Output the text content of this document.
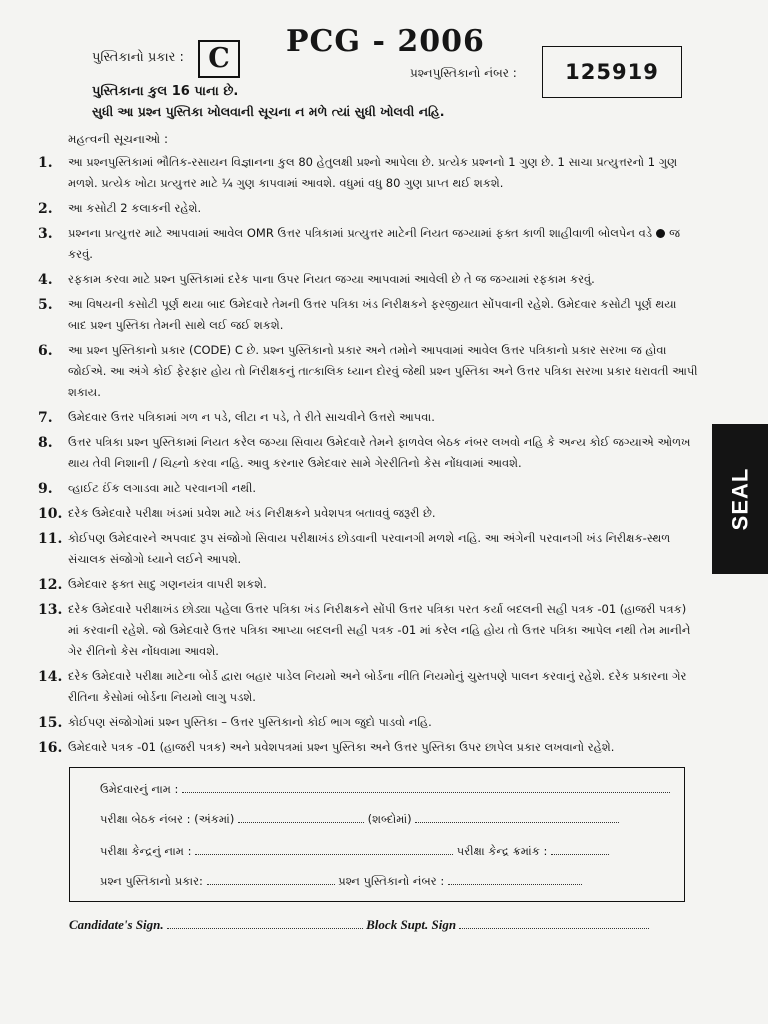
પુસ્તિકાનો પ્રકાર : C	PCG - 2006
પ્રશ્નપુસ્તિકાનો નંબર :	125919
પુસ્તિકાના કુલ 16 પાના છે.
સુધી આ પ્રશ્ન પુસ્તિકા ખોલવાની સૂચના ન મળે ત્યાં સુધી ખોલવી નહિ.
મહત્વની સૂચનાઓ :
1. આ પ્રશ્નપુસ્તિકામાં ભૌતિક-રસાયન વિજ્ઞાનના કુલ 80 હેતુલક્ષી પ્રશ્નો આપેલા છે. પ્રત્યેક પ્રશ્નનો 1 ગુણ છે. 1 સાચા પ્રત્યુત્તરનો 1 ગુણ મળશે. પ્રત્યેક ખોટા પ્રત્યુત્તર માટે ¼ ગુણ કાપવામાં આવશે. વધુમાં વધુ 80 ગુણ પ્રાપ્ત થઈ શકશે.
2. આ કસોટી 2 કલાકની રહેશે.
3. પ્રશ્નના પ્રત્યુત્તર માટે આપવામાં આવેલ OMR ઉત્તર પત્રિકામાં પ્રત્યુત્તર માટેની નિયત જગ્યામાં ફક્ત કાળી શાહીવાળી બોલપેન વડે જ કરવું.
4. રફકામ કરવા માટે પ્રશ્ન પુસ્તિકામાં દરેક પાના ઉપર નિયત જગ્યા આપવામાં આવેલી છે તે જ જગ્યામાં રફકામ કરવું.
5. આ વિષયની કસોટી પૂર્ણ થયા બાદ ઉમેદવારે તેમની ઉત્તર પત્રિકા ખંડ નિરીક્ષકને ફરજીયાત સોંપવાની રહેશે. ઉમેદવાર કસોટી પૂર્ણ થયા બાદ પ્રશ્ન પુસ્તિકા તેમની સાથે લઈ જઈ શકશે.
6. આ પ્રશ્ન પુસ્તિકાનો પ્રકાર (CODE) C છે. પ્રશ્ન પુસ્તિકાનો પ્રકાર અને તમોને આપવામાં આવેલ ઉત્તર પત્રિકાનો પ્રકાર સરખા જ હોવા જોઈએ. આ અંગે કોઈ ફેરફાર હોય તો નિરીક્ષકનું તાત્કાલિક ધ્યાન દોરવું જેથી પ્રશ્ન પુસ્તિકા અને ઉત્તર પત્રિકા સરખા પ્રકાર ધરાવતી આપી શકાય.
7. ઉમેદવાર ઉત્તર પત્રિકામાં ગળ ન પડે, લીટા ન પડે, તે રીતે સાચવીને ઉત્તરો આપવા.
8. ઉત્તર પત્રિકા પ્રશ્ન પુસ્તિકામાં નિયત કરેલ જગ્યા સિવાય ઉમેદવારે તેમને ફાળવેલ બેઠક નંબર લખવો નહિ કે અન્ય કોઈ જગ્યાએ ઓળખ થાય તેવી નિશાની / ચિહ્નો કરવા નહિ. આવુ કરનાર ઉમેદવાર સામે ગેરરીતિનો કેસ નોંધવામાં આવશે.
9. વ્હાઈટ ઈંક લગાડવા માટે પરવાનગી નથી.
10. દરેક ઉમેદવારે પરીક્ષા ખંડમાં પ્રવેશ માટે ખંડ નિરીક્ષકને પ્રવેશપત્ર બતાવવું જરૂરી છે.
11. કોઈપણ ઉમેદવારને અપવાદ રૂપ સંજોગો સિવાય પરીક્ષાખંડ છોડવાની પરવાનગી મળશે નહિ. આ અંગેની પરવાનગી ખંડ નિરીક્ષક-સ્થળ સંચાલક સંજોગો ધ્યાને લઈને આપશે.
12. ઉમેદવાર ફક્ત સાદુ ગણનયંત્ર વાપરી શકશે.
13. દરેક ઉમેદવારે પરીક્ષાખંડ છોડ્યા પહેલા ઉત્તર પત્રિકા ખંડ નિરીક્ષકને સોંપી ઉત્તર પત્રિકા પરત કર્યા બદલની સહી પત્રક -01 (હાજરી પત્રક) માં કરવાની રહેશે. જો ઉમેદવારે ઉત્તર પત્રિકા આપ્યા બદલની સહી પત્રક -01 માં કરેલ નહિ હોય તો ઉત્તર પત્રિકા આપેલ નથી તેમ માનીને ગેર રીતિનો કેસ નોંધવામા આવશે.
14. દરેક ઉમેદવારે પરીક્ષા માટેના બોર્ડ દ્વારા બહાર પાડેલ નિયમો અને બોર્ડના નીતિ નિયમોનું ચુસ્તપણે પાલન કરવાનું રહેશે. દરેક પ્રકારના ગેર રીતિના કેસોમાં બોર્ડના નિયમો લાગુ પડશે.
15. કોઈપણ સંજોગોમાં પ્રશ્ન પુસ્તિકા – ઉત્તર પુસ્તિકાનો કોઈ ભાગ જુદો પાડવો નહિ.
16. ઉમેદવારે પત્રક -01 (હાજરી પત્રક) અને પ્રવેશપત્રમાં પ્રશ્ન પુસ્તિકા અને ઉત્તર પુસ્તિકા ઉપર છાપેલ પ્રકાર લખવાનો રહેશે.
SEAL
ઉમેદવારનું નામ :
પરીક્ષા બેઠક નંબર : (અંકમાં)	(શબ્દોમાં)
પરીક્ષા કેન્દ્રનું નામ :	પરીક્ષા કેન્દ્ર ક્રમાંક :
પ્રશ્ન પુસ્તિકાનો પ્રકાર:	પ્રશ્ન પુસ્તિકાનો નંબર :
Candidate's Sign.	Block Supt. Sign
